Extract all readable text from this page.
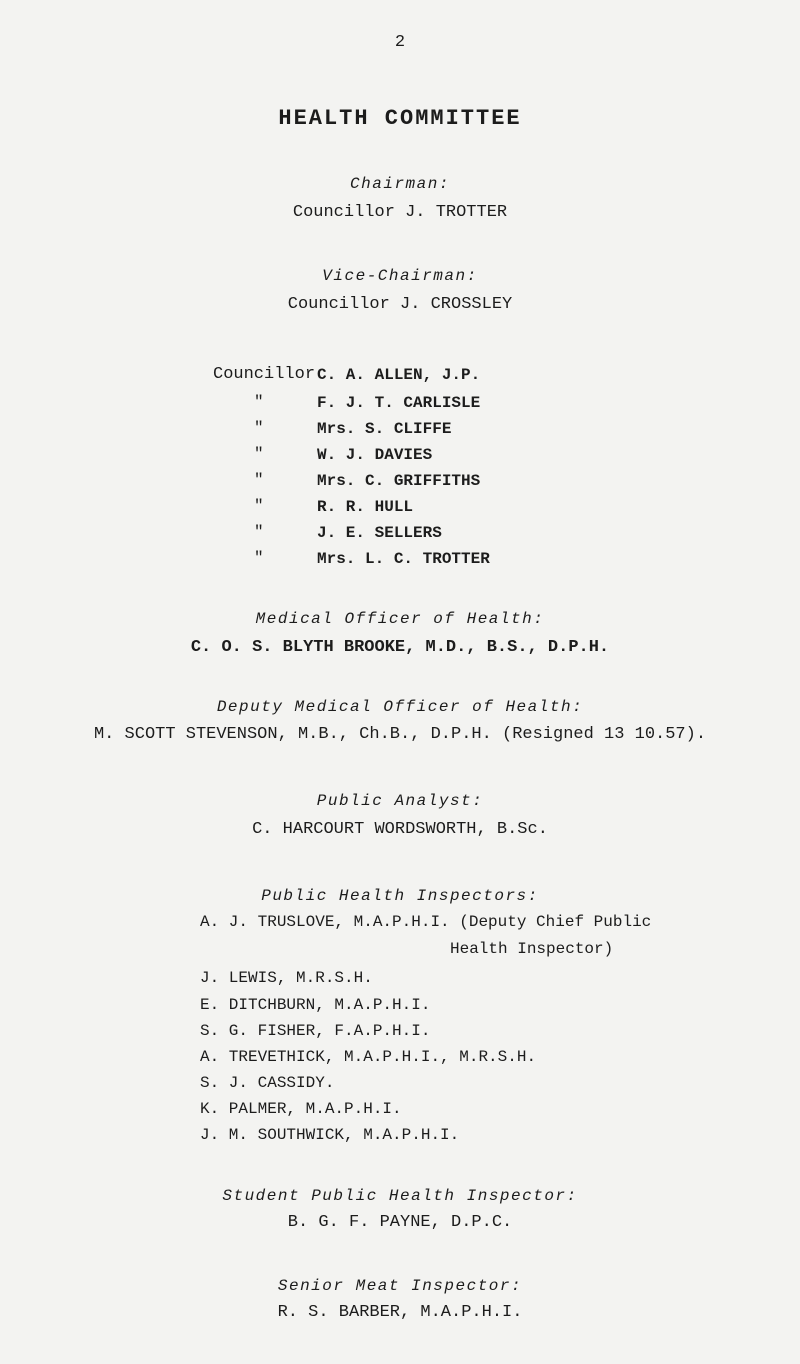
2
HEALTH COMMITTEE
Chairman:
Councillor J. TROTTER
Vice-Chairman:
Councillor J. CROSSLEY
Councillor C. A. ALLEN, J.P.
"	F. J. T. CARLISLE
"	Mrs. S. CLIFFE
"	W. J. DAVIES
"	Mrs. C. GRIFFITHS
"	R. R. HULL
"	J. E. SELLERS
"	Mrs. L. C. TROTTER
Medical Officer of Health:
C. O. S. BLYTH BROOKE, M.D., B.S., D.P.H.
Deputy Medical Officer of Health:
M. SCOTT STEVENSON, M.B., Ch.B., D.P.H. (Resigned 13 10.57).
Public Analyst:
C. HARCOURT WORDSWORTH, B.Sc.
Public Health Inspectors:
A. J. TRUSLOVE, M.A.P.H.I. (Deputy Chief Public
Health Inspector)
J. LEWIS, M.R.S.H.
E. DITCHBURN, M.A.P.H.I.
S. G. FISHER, F.A.P.H.I.
A. TREVETHICK, M.A.P.H.I., M.R.S.H.
S. J. CASSIDY.
K. PALMER, M.A.P.H.I.
J. M. SOUTHWICK, M.A.P.H.I.
Student Public Health Inspector:
B. G. F. PAYNE, D.P.C.
Senior Meat Inspector:
R. S. BARBER, M.A.P.H.I.
